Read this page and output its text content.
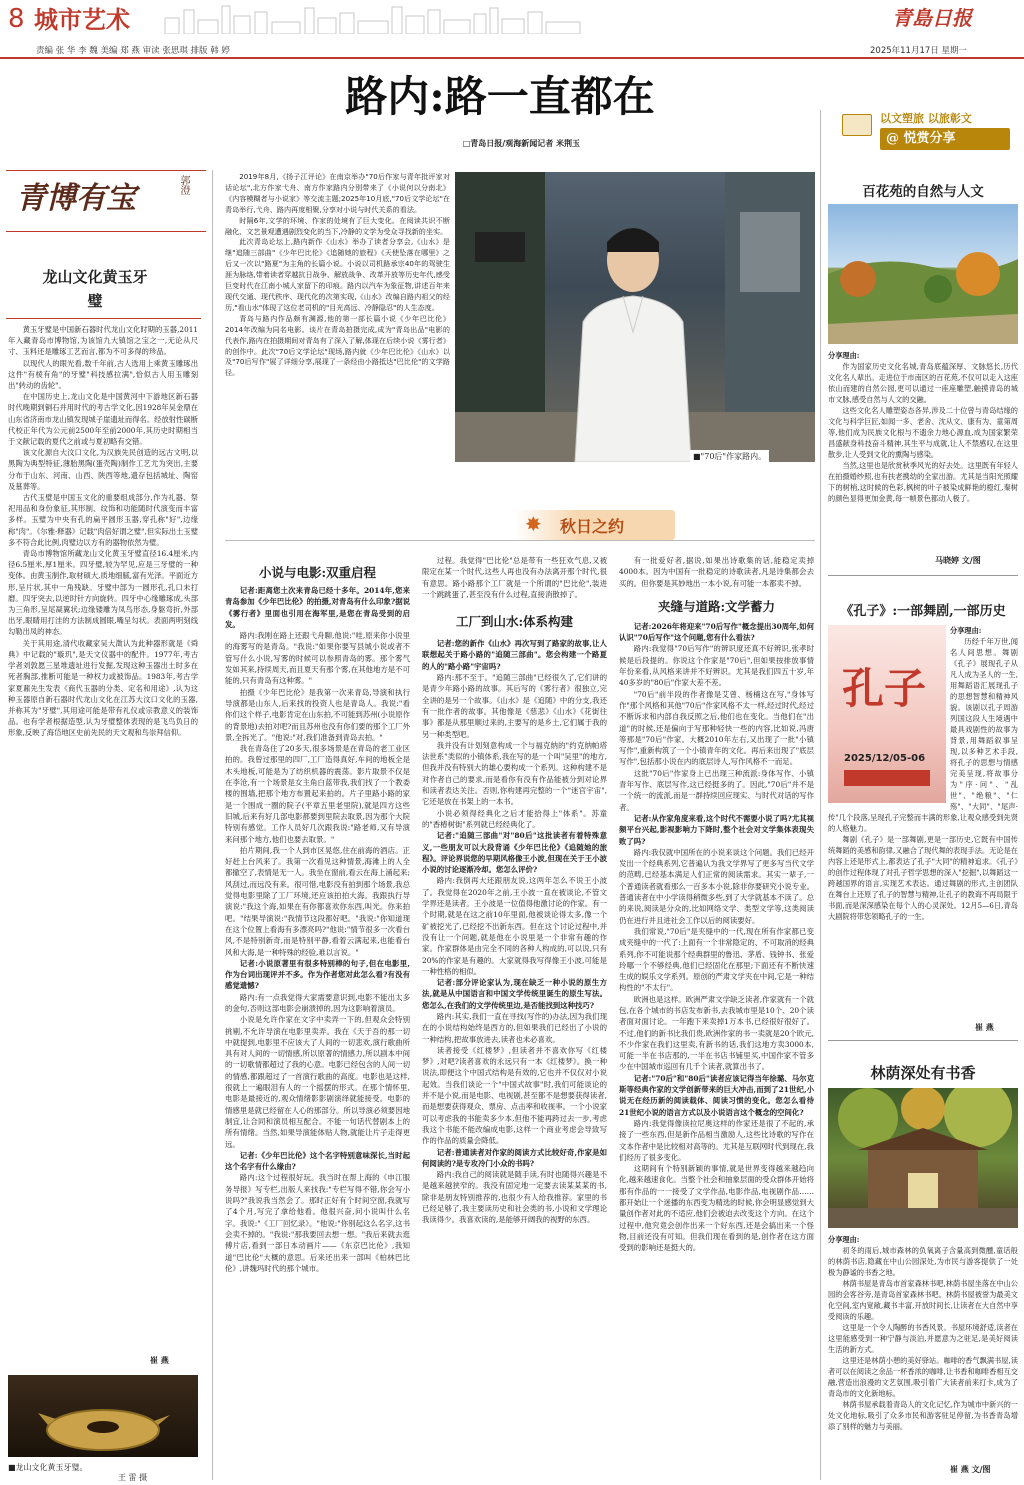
8 城市艺术	青島日报
责编 张 华 李 魏 美编 郑 燕 审读 张思琪 排版 韩 婷	2025年11月17日 星期一
路内:路一直都在
□青岛日报/观海新闻记者 米荆玉
青博有宝	郭澄
龙山文化黄玉牙璧

黄玉牙璧是中国新石器时代龙山文化时期的玉器,2011年入藏青岛市博物馆,为该馆九大镇馆之宝之一,无论从尺寸、玉料还是雕琢工艺而言,都为不可多得的珍品。

以现代人的眼光看,数千年前,古人选用上乘黄玉雕琢出这件"有棱有角"的牙璧"科技感拉满",恰似古人用玉雕刻出"转动的齿轮"。

在中国历史上,龙山文化是中国黄河中下游地区新石器时代晚期到铜石并用时代的考古学文化,因1928年吴金鼎在山东省济南市龙山镇发现城子崖遗址而得名。经放射性碳断代校正年代为公元前2500年至前2000年,其历史时期相当于文献记载的夏代之前或与夏初略有交错。

该文化源自大汶口文化,为汉族先民创造的远古文明,以黑陶为典型特征,薄胎黑陶(蛋壳陶)制作工艺尤为突出,主要分布于山东、河南、山西、陕西等地,遗存包括城址、陶窑及墓葬等。

古代玉璧是中国玉文化的重要组成部分,作为礼器、祭祀用品和身份象征,其形制、纹饰和功能随时代演变而丰富多样。玉璧为中央有孔的扁平圆形玉器,穿孔称"好",边缘称"肉"。《尔雅·释器》记载"肉倍好谓之璧",但实际出土玉璧多不符合此比例,肉璧边以方有的器物依然为璧。

青岛市博物馆所藏龙山文化黄玉牙璧直径16.4厘米,内径6.5厘米,厚1厘米。四牙璧,较为罕见,应是三牙璧的一种变体。由黄玉制作,取材硕大,质地细腻,富有光泽。平面近方形,呈片状,其中一角残缺。牙璧中部为一圆形孔,孔口未打磨。四牙突去,以逆时针方向旋转。四牙中心缘雕琢成,头部为三角形,呈尾凝翼状;边缘镂雕为凤鸟形态,身躯弯折,外部出牙,眼睛用打洼的方法制成圆眼,嘴呈勾状。表面两明刻线勾勒出凤的神态。

关于其用途,清代收藏家吴大澂认为此种器形就是《舜典》中记载的"璇玑",是天文仪器中的配件。1977年,考古学者刘敦愿三星堆遗址进行发掘,发现这种玉器出土时多在死者胸部,推断可能是一种权力或被饰品。1983年,考古学家夏鼐先生发表《商代玉器的分类、定名和用途》,认为这种玉器原自新石器时代龙山文化在江苏大汶口文化的玉器,并称其为"牙璧",其用途可能是带有礼仪或宗教意义的装饰品。也有学者根据造型,认为牙璧整体表现的是飞鸟负日的形象,反映了海岱地区史前先民的天文观和鸟崇拜信仰。

崔 燕
■龙山文化黄玉牙璧。
王 雷 摄

2019年8月,《扬子江评论》在南京举办"70后作家与青年批评家对话论坛",北方作家弋舟、南方作家路内分别带来了《小说何以分南北》《内容模糊者与小说家》等交流主题;2025年10月底,"70后文学论坛"在青岛举行,弋舟、路内再度相聚,分享对小说与时代关系的看法。

时隔6年,文学的环境、作家的处境有了巨大变化。在阅读共识不断融化、文艺景观遭遇剧烈变化的当下,冷静的文学为受众寻找新的坐实。

此次青岛论坛上,路内新作《山水》举办了读者分享会,《山水》是继"追随三部曲"《少年巴比伦》《追随她的旅程》《天使坠落在哪里》之后又一次以"路夏"为主角的长篇小说。小说以司机路承宗40年的驾驶生涯为脉络,带着读者穿越抗日战争、解放战争、改革开放等历史年代,感受巨变时代在江南小城人家留下的印痕。路内以汽车为象征物,讲述百年来现代交通、现代秩序、现代化的次第实现,《山水》改编自路内祖父的经历,"看山水"体现了这位老司机的"目光高远、冷静隐忍"的人生态度。

青岛与路内作品颇有渊源,他的第一部长篇小说《少年巴比伦》2014年改编为同名电影。谈片在青岛拍摄完成,成为"青岛出品"电影的代表作,路内在拍摄期间对青岛有了深入了解,体现在后续小说《雾行者》的创作中。此次"70后文学论坛"现场,路内就《少年巴比伦》《山水》以及"70后写作"展了详细分享,展现了一条经由小路抵达"巴比伦"的文学路径。

■"70后"作家路内。
✸ 秋日之约
小说与电影:双重启程

记者:距离您土次来青岛已经十多年。2014年,您来青岛参加《少年巴比伦》的拍摄,对青岛有什么印象?据说《雾行者》里面也引用在海军里,是您在青岛受到的启发。

路内:我刚在路上还跟弋舟聊,他说:"哇,原来你小说里的海雾写的是青岛。"我说:"如果你要写县城小说或者不管写什么小说,写雾的时候可以参照青岛的雾。那个雾气发如其来,持续周天,而且夏天有那个雾,在其他地方是不可能的,只有青岛有这种雾。"

拍摄《少年巴比伦》是我第一次来青岛,导演和执行导演都是山东人,后来找的投资人也是青岛人。我说:"看你们这个样子,电影肯定在山东拍,不可能到苏州(小说原作的背景地)去拍对吧?而且苏州也没有你们要的那个工厂外景,全拆光了。"他说:"对,我们准备到青岛去拍。"

我在青岛住了20多天,很多场景是在青岛的老工业区拍的。我曾过那里的四厂,工厂造得真好,车间的地板全是木头地板,可能是为了纺织机器的震荡。影片取景不仅是在李沧,有一个场景是女主角白蓝带我,我们找了一个教委楼的围墙,把那个地方布置起来拍的。片子里路小路的家是一个围成一圈的院子(平章五里老里院),就是四方这些旧城,后来有好几部电影都要到里院去取景,因为那个大院特别有感觉。工作人员好几次跟我说:"路老师,又有导演来问那个地方,他们也要去取景。"

拍片期间,我一个人到市区晃悠,住在前海的酒店。正好赶上台风来了。我第一次看见这种情景,海滩上的人全都撤空了,表情是无一人。我坐在窗前,看云在海上涌起来;风刮过,而远没有来。很可惜,电影没有拍到那个场景,我总觉得电影里除了工厂环境,还应该拍拍大海。我跟执行导演说:"我这个海,如果在有你都喜欢你东西,叫光。你来拍吧。"结果导演说:"我情节这段都好吧。"我说:"你知道现在这个位置上看海有多漂亮吗?"他说:"情节很多一次看台风,不是特别新奇,而是特别平静,看着云满起来,也能看台风和大海,是一种特殊的经验,难以言说。"

记者:小说原著里有很多特别棒的句子,但在电影里,作为台词出现评并不多。作为作者您对此怎么看?有没有感觉遗憾?

路内:有一点我觉得大家需要意识到,电影不能出太多的金句,否则这部电影会崩溃掉的,因为这影响着演员。

小说是允许作家在文字中卖弄一下的,但观众会特别挑剔,不允许导演在电影里卖弄。我在《天于吾的那一切中就提到,电影里不应该大了人间的一切悲欢,演行歌曲所具有对人间的一切情感,所以原著的情感力,所以剧本中间的一切歌情都超过了我的心意。电影已经包含的人间一切的情感,都跟超过了一首演行歌曲的高度。电影也是这样,很就上一遍眼泪有人的一个摇摆的形式。在那个情怀里,电影是最接近的,观众情绪影影剧演绎就能接受。电影的情感里是就已经留在人心的那部分。所以导演必须要因地制宜,让合同和演员相互配合。不能一句话代替剧本上的所有情绪。当然,如果导演能体贴人物,就能让片子走得更远。

记者:《少年巴比伦》这个名字特别意味深长,当时起这个名字有什么缘由?

路内:这个过程很好玩。我当时在帮上海的《申江服务导报》写专栏,出版人来找我:"专栏写得不错,你会写小说吗?"我说我当然会了。那时正好有个时间空窗,我就写了4个月,写完了拿给他看。他很兴奋,问小说叫什么名字。我说:"《工厂回忆录》。"他说:"你别起这么名字,这书会卖不掉的。"我说:"那我要回去想一想。"我后来就去逛傅片店,看到一部日本动画片——《东京巴比伦》,我知道"巴比伦"大概的意思。后来还出来一部叫《柏林巴比伦》,讲魏玛时代的那个城市。

过程。我觉得"巴比伦"总是带有一些狂欢气息,又被限定在某一个时代,这些人再也没有办法离开那个时代,很有意思。路小路那个工厂就是一个所谓的"巴比伦",装进一个跳跳蛋了,甚至没有什么过程,直接消散掉了。

工厂到山水:体系构建

记者:您的新作《山水》再次写到了路家的故事,让人联想起关于路小路的"追随三部曲"。您会构建一个路夏的人的"路小路"宇宙吗?

路内:那不至于。"追随三部曲"已经很久了,它们讲的是青少年路小路的故事。其后写的《雾行者》很独立,完全讲的是另一个故事。《山水》是《追随》中的分支,我还有一批作者的故事。其他像是《慈悲》《山水》《花街往事》都是从那里顺过来的,主要写的是乡土,它们属于我的另一种类型吧。

我并没有计划刻意构成一个与福克纳的"约克纳帕塔法世系"类似的小镇体系,我在写的是一个叫"吴里"的地方,但我并没有特别大的雄心要构成一个系列。这种构建不是对作者自己的要求,而是看你有没有作品能被分到对论界和读者表达关注。否则,你构建再完整的一个"迷宫宇宙",它还是放在书架上的一本书。

小说必须得经典化之后才能拾得上"体系"。苏童的"香椿树街"系列就已经经典化了。

记者:"追随三部曲"对"80后"这批读者有着特殊意义,一些朋友可以大段背诵《少年巴比伦》《追随她的旅程》。评论界说您的早期风格像王小波,但现在关于王小波小说的讨论逐渐冷却。您怎么评价?

路内:我倒再大还跟朋友说,这两年怎么不说王小波了。我觉得在2020年之前,王小波一直在被谈论,不管文学界还是读者。王小波是一位值得他激讨论的作家。有一个时期,就是在这之前10年里面,他被谈论得太多,像一个矿被挖光了,已经挖不出新东西。但在这个讨论过程中,并没有让一个问题,就是他在小说里是一个非常有趣的作家。作家群体是由完全不同的各种人构成的,可以说,只有20%的作家是有趣的。大家就得我写得像王小波,可能是一种性格的相似。

记者:部分评论家认为,现在缺乏一种小说的原生方法,就是从中国语言和中国文学传统里诞生的原生写法。您怎么,在我们的文学传统里边,是否能找到这种技巧?

路内:其实,我们一直在寻找(写作的)办法,因为我们现在的小说结构始终是西方的,但如果我们已经出了小说的一种结构,把故事放进去,读者也未必喜欢。

读者接受《红楼梦》,但读者并不喜欢你写《红楼梦》,对吧?读者喜欢的永远只有一本《红楼梦》。换一种说法,即便这个中国式结构是有效的,它也并不仅仅对小说起效。当我们谈论一个"中国式故事"时,我们可能谈论的并不是小说,而是电影、电视剧,甚至都不是想要获得读者,而是想要获得观众、票房、点击率和收视率。一个小说家可以考虑我的书能卖多少本,但他不能再跨过去一步,考虑我这个书能不能改编成电影,这样一个商业考虑会导致写作的作品的质量会降低。

记者:普通读者对作家的阅读方式比较好奇,作家是如何阅读的?是专攻冷门小众的书吗?

路内:我自己的阅读就是随手读,有时也随得兴趣是不是越来越狭窄的。我没有固定地一定要去读某某某的书,除非是朋友特别推荐的,也很少有人给我推荐。家里的书已经足够了,我主要读历史和社会类的书,小说和文学理论我读得少。我喜欢读的,是能够开阔我的视野的东西。

有一批爱好者,据说,如果出诗歌集的话,能稳定卖掉4000本。因为中国有一批稳定的诗歌读者,凡是诗集都会去买的。但你要是其妙地出一本小说,有可能一本都卖不掉。

夹缝与道路:文学蓄力

记者:2026年将迎来"70后写作"概念提出30周年,如何认识"70后写作"这个问题,您有什么看法?

路内:我觉得"70后写作"的辨识度还真不好辨识,张孝时候是后段提的。你说这个作家是"70后",但如果按排放事情年份来看,从风格来讲并不好辨识。尤其是我们四五十岁,年40多岁的"80后"作家大差不差。

"70后"前半段的作者像是艾曾、杨楠这在写,"身体写作"那个风格和其他"70后"作家风格不太一样,经过时代,经过不断诉求和内部自我反照之后,他们也在变化。当他们在"出道"的时候,还是偏向于写那种轻快一些的内容,比如说,冯唐等那是"70后"作家。大概2010年左右,又出现了一批"小镇写作",重新构筑了一个小镇青年的文化。再后来出现了"底层写作",包括那小说在内的底层诗人,写作风格不一而足。

这批"70后"作家身上已出现三种流派:身体写作、小镇青年写作、底层写作,这已经挺多的了。因此,"70后"并不是一个统一的流派,而是一群持续回应现实、与时代对话的写作者。

记者:从作家角度来看,这个时代不需要小说了吗?尤其视频平台兴起,影视影响力下降时,整个社会对文学集体表现失败了吗?

路内:我仅就中国所在的小说来谈这个问题。我们已经开发出一个经典系列,它普遍认为我文学界写了更多写当代文学的范畴,已经基本满足人们正常的阅读需求。其实一辈子,一个普通读者就看那么一百多本小说,除非你要研究小说专业。普通读者在中小学读得稍微多些,到了大学就基本不读了。总的来说,阅读是分众的,比如网络文学、类型文学等,这类阅读仍在进行并且进社会工作以后的阅读要好。

我们常说,"70后"是夹缝中的一代,现在所有作家都已变成夹缝中的一代了:上面有一个非常隐定的、不可取消的经典系列,你不可能说那个经典群里的鲁迅、茅盾、钱钟书、张爱玲哪一个不够经典,他们已经固化在那里;下面还有不断快速生成的娱乐文学系列。原创的严肃文学夹在中间,它是一种结构性的"不太行"。

欧洲也是这样。欧洲严肃文学缺乏读者,作家就有一个就包,在各个城市的书店发布新书,去我城市里是10个、20个读者面对面讨论。一年跑下来卖掉1万本书,已经很好很好了。不过,他们的新书比我们贵,欧洲作家的书一卖就是20个欧元,不少作家在我们这里卖,有新书的话,我们这地方卖3000本,可能一半在书店那的,一半在书店书铺里买,中国作家不管多少在中国城市巡回有几千个读者,就算出书了。

记者:"70后"和"80后"读者应该记得当年徐璐、马尔克斯等经典作家的文学创新带来的巨大冲击,而到了21世纪,小说无在经历新的阅读载体、阅读习惯的变化。您怎么看待21世纪小说的语言方式以及小说语言这个概念的空间化?

路内:我觉得像读拉尼奥这样的作家还是很了不起的,承接了一些东西,但是新作品相当激励人,这些比诗歌的写作在文本作者中是比较相对高等的。尤其是互联网时代到现在,我们经历了很多变化。

这期间有个特别新颖的事情,就是世界变得越来越趋向化,越来越速食化。当整个社会和抽象层面的受众群体开始将那有作品的一一接受了文学作品,电影作品,电视剧作品……都开始让一个迷播的东西变为精选的时候,你会明显感觉到大量创作者对此的不适应,他们会被迫去改变这个方向。在这个过程中,他究竟会创作出来一个好东西,还是会搞出来一个怪物,目前还没有可知。但我们现在看到的是,创作者在这方面受到的影响还是挺大的。

以文塑旅 以旅彰文
@ 悦赏分享
百花苑的自然与人文

分享理由:

作为国家历史文化名城,青岛底蕴深厚、文脉悠长,历代文化名人辈出。走进位于市南区的百花苑,不仅可以走入这座依山而建的自然公园,更可以通过一座座雕塑,触摸青岛的城市文脉,感受自然与人文的交融。

这些文化名人雕塑姿态各异,涉及二十位曾与青岛结缘的文化与科学巨匠,如闻一多、老舍、沈从文、康有为、童第周等,他们成为民族文化根与不遗余力地心源血,成为国家繁荣昌盛献身科技奋斗精神,其生平与成就,让人不禁感叹,在这里散步,让人受到文化的熏陶与感染。

当然,这里也是欣赏秋季风光的好去处。这里既有年轻人在拍摄婚纱照,也有扶老携幼的全家出游。尤其是当阳光照耀下的树梢,这时候的色彩,枫树的叶子被染成鲜艳的橙红,秦树的颜色显得更加金黄,每一帧景色都动人极了。

马晓婷 文/图
《孔子》:一部舞剧,一部历史
孔子
2025/12/05-06

分享理由:

历经千年万世,闻名人间思想。舞剧《孔子》展现孔子从凡人成为圣人的一生,用舞蹈语汇展现孔子的思想智慧和精神风貌。该剧以孔子周游列国这段人生境遇中最具戏剧性的故事为背景,用舞蹈叙事呈现,以多种艺术手段,将孔子的思想与情感完美呈现,将故事分为"序·问"、"乱世"、"绝粮"、"仁殇"、"大同"、"尾声·传"几个段落,呈现孔子完整而丰满的形象,让观众感受到先贤的人格魅力。

舞剧《孔子》是一部舞剧,更是一部历史,它既有中国传统舞蹈的美感和韵律,又融合了现代舞的表现手法。无论是在内容上还是形式上,都表达了孔子"大同"的精神追求。《孔子》的创作过程体现了对孔子哲学思想的深入"挖掘",以舞蹈这一跨越国界的语言,实现艺术表达。通过舞剧的形式,主创团队在舞台上还原了孔子的智慧与精神,让孔子的教诲不再局限于书面,而是深深感染在每个人的心灵深处。12月5—6日,青岛大剧院将带您领略孔子的一生。

崔 燕
林荫深处有书香

分享理由:

初冬的雨后,城市森林的负氧离子含量高到微醺,童话般的林荫书店,隐藏在中山公园深处,为市民与游客提供了一处极为静谧的书香之地。

林荫书屋是青岛市首家森林书吧,林荫书屋坐落在中山公园的会客谷旁,是青岛首家森林书吧。林荫书屋被誉为最美文化空间,室内宽敞,藏书丰富,开放时间长,让读者在大自然中享受阅读的乐趣。

这里是一个令人陶醉的书香风景。书屋环境舒适,读者在这里能感受到一种宁静与淡泊,并愿意为之驻足,是美好阅读生活的新方式。

这里还是林荫小憩的美好驿站。咖啡的香气飘满书屋,读者可以在阅读之余品一杯香浓的咖啡,让书香和咖啡香相互交融,营造出浪漫的文艺氛围,吸引着广大读者前来打卡,成为了青岛市的文化新地标。

林荫书屋承载着青岛人的文化记忆,作为城市中新兴的一处文化地标,吸引了众多市民和游客驻足停留,为书香青岛增添了别样的魅力与美丽。

崔 燕 文/图
